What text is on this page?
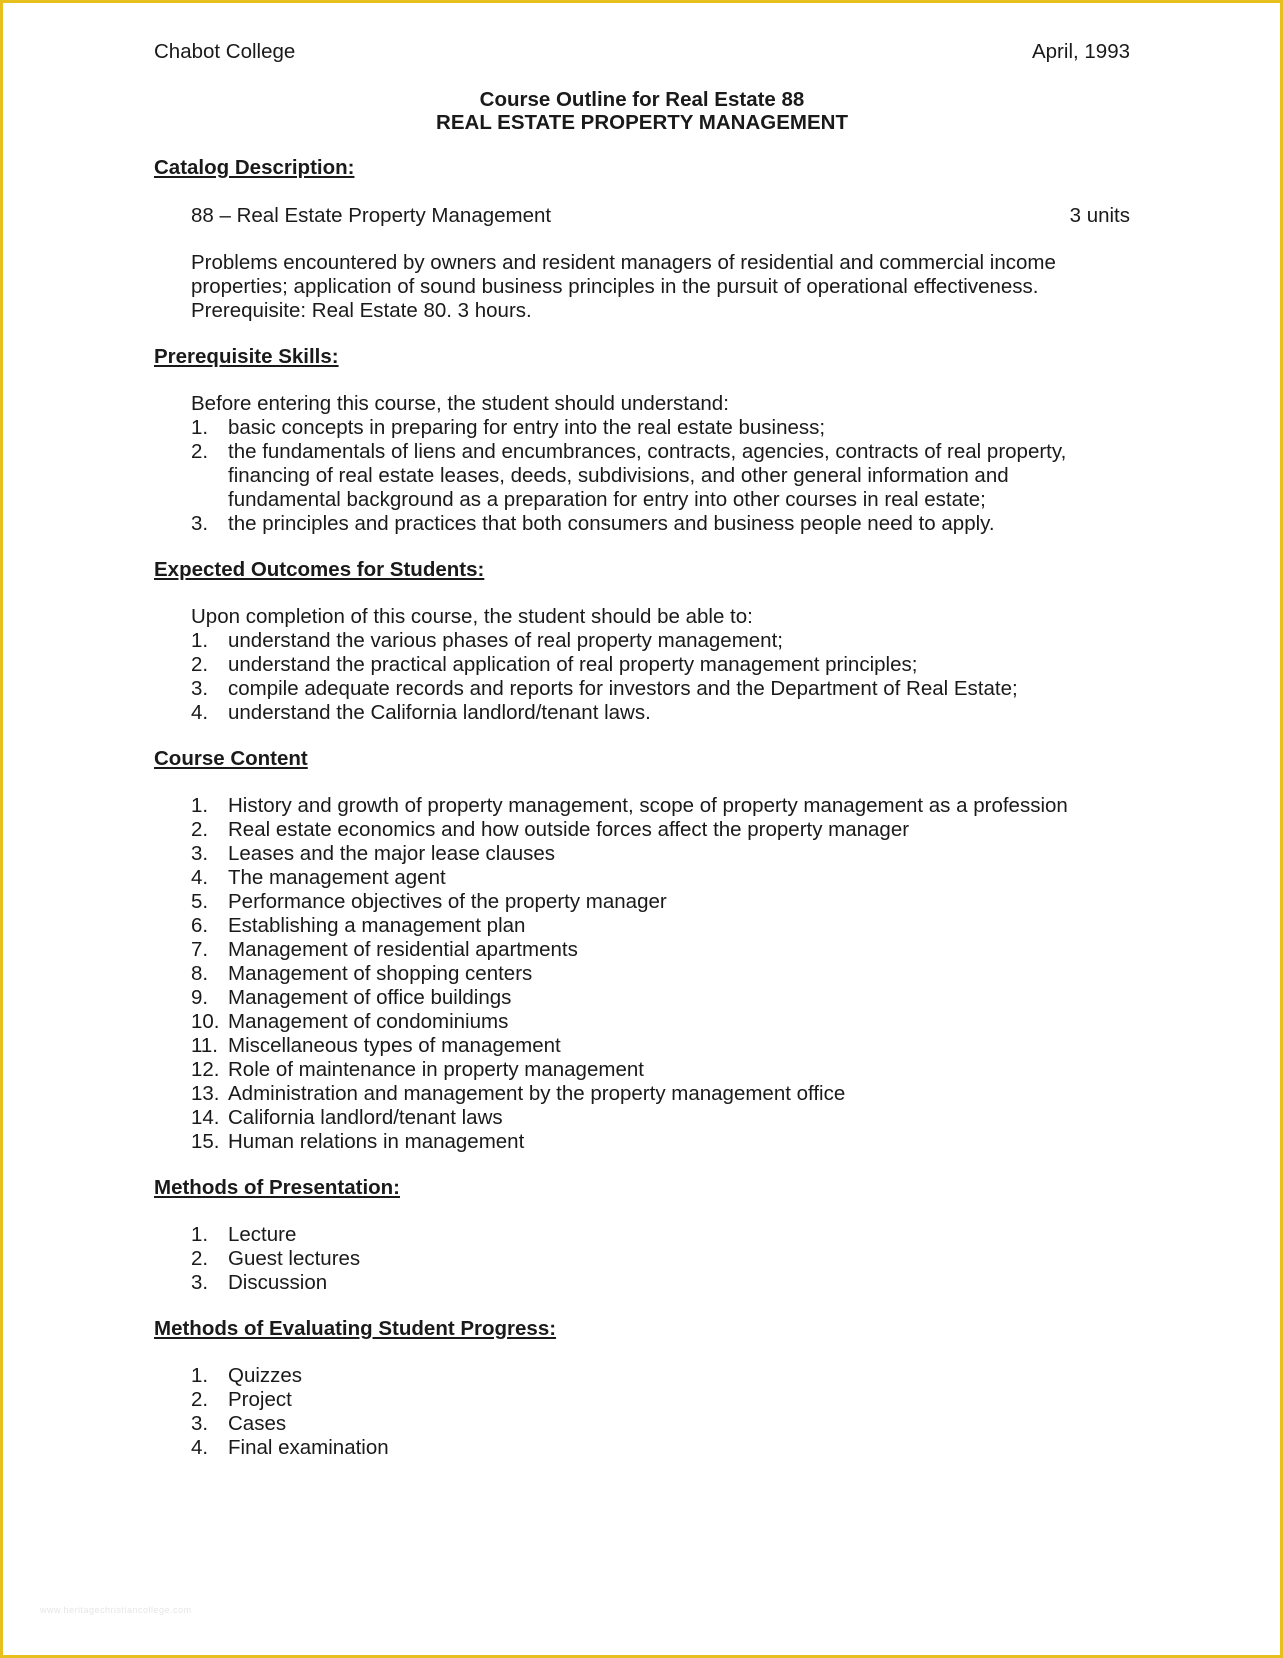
Chabot College	April, 1993
Course Outline for Real Estate 88
REAL ESTATE PROPERTY MANAGEMENT
Catalog Description:
88 – Real Estate Property Management	3 units
Problems encountered by owners and resident managers of residential and commercial income
properties; application of sound business principles in the pursuit of operational effectiveness.
Prerequisite: Real Estate 80. 3 hours.
Prerequisite Skills:
Before entering this course, the student should understand:
1. basic concepts in preparing for entry into the real estate business;
2. the fundamentals of liens and encumbrances, contracts, agencies, contracts of real property,
financing of real estate leases, deeds, subdivisions, and other general information and
fundamental background as a preparation for entry into other courses in real estate;
3. the principles and practices that both consumers and business people need to apply.
Expected Outcomes for Students:
Upon completion of this course, the student should be able to:
1. understand the various phases of real property management;
2. understand the practical application of real property management principles;
3. compile adequate records and reports for investors and the Department of Real Estate;
4. understand the California landlord/tenant laws.
Course Content
1. History and growth of property management, scope of property management as a profession
2. Real estate economics and how outside forces affect the property manager
3. Leases and the major lease clauses
4. The management agent
5. Performance objectives of the property manager
6. Establishing a management plan
7. Management of residential apartments
8. Management of shopping centers
9. Management of office buildings
10. Management of condominiums
11. Miscellaneous types of management
12. Role of maintenance in property management
13. Administration and management by the property management office
14. California landlord/tenant laws
15. Human relations in management
Methods of Presentation:
1. Lecture
2. Guest lectures
3. Discussion
Methods of Evaluating Student Progress:
1. Quizzes
2. Project
3. Cases
4. Final examination
www.heritagechristiancollege.com
